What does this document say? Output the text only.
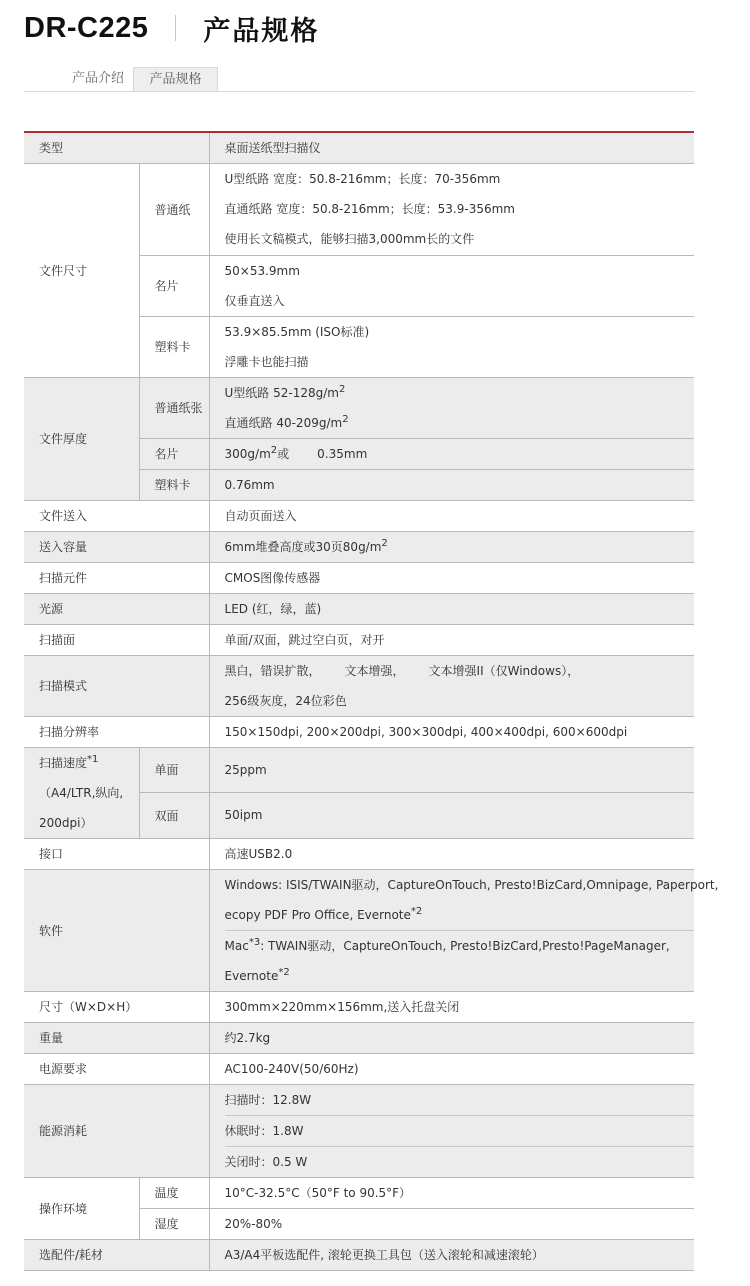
DR-C225 产品规格
产品介绍	产品规格
类型		桌面送纸型扫描仪
文件尺寸	普通纸	U型纸路 宽度：50.8-216mm；长度：70-356mm
直通纸路 宽度：50.8-216mm；长度：53.9-356mm
使用长文稿模式，能够扫描3,000mm长的文件

	名片	50×53.9mm
仅垂直送入

	塑料卡	53.9×85.5mm (ISO标准)
浮雕卡也能扫描

文件厚度	普通纸张	U型纸路 $52-128g/m^2$
直通纸路 $40-209g/m^2$

	名片	$300g/m^2$或 0.35mm
	塑料卡	0.76mm
文件送入		自动页面送入
送入容量		6mm堆叠高度或30页$80g/m^2$
扫描元件		CMOS图像传感器
光源		LED (红，绿，蓝)
扫描面		单面/双面，跳过空白页，对开
扫描模式		黑白，错误扩散， 文本增强， 文本增强II（仅Windows），
256级灰度，24位彩色

扫描分辨率		150×150dpi, 200×200dpi, 300×300dpi, 400×400dpi, 600×600dpi

扫描速度$^{*1}$
（A4/LTR,纵向,
200dpi）	单面	25ppm
	双面	50ipm
接口		高速USB2.0
软件		Windows: ISIS/TWAIN驱动，CaptureOnTouch, Presto!BizCard,Omnipage, Paperport,
ecopy PDF Pro Office, Evernote$^{*2}$
Mac$^{*3}$: TWAIN驱动，CaptureOnTouch, Presto!BizCard,Presto!PageManager,
Evernote$^{*2}$

尺寸（W×D×H）		300mm×220mm×156mm,送入托盘关闭
重量		约2.7kg
电源要求		AC100-240V(50/60Hz)
能源消耗		扫描时：12.8W
休眠时：1.8W
关闭时：0.5 W

操作环境	温度	10°C-32.5°C（50°F to 90.5°F）
	湿度	20%-80%
选配件/耗材		A3/A4平板选配件, 滚轮更换工具包（送入滚轮和减速滚轮）
